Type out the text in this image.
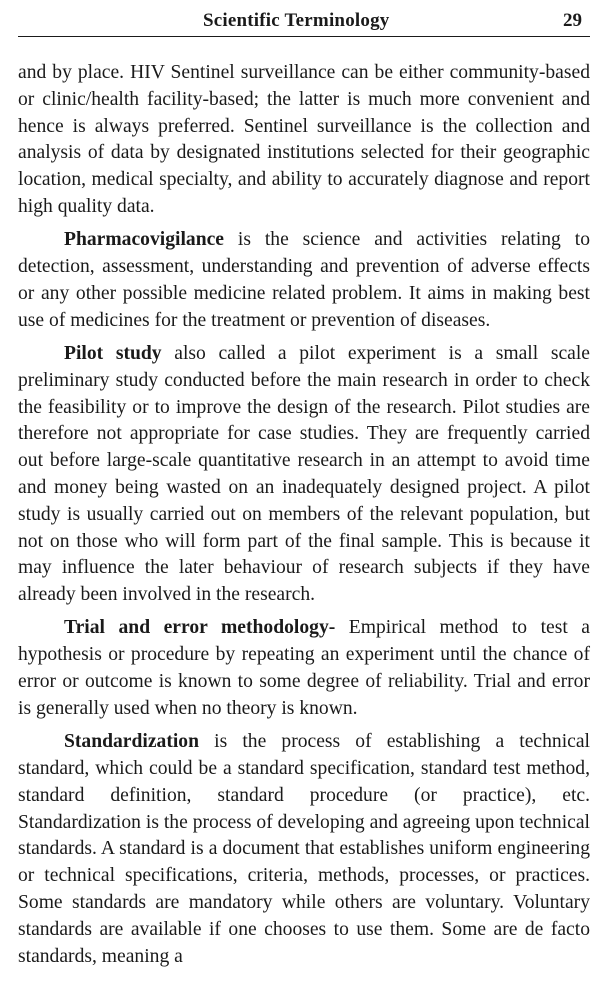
Scientific Terminology	29

and by place. HIV Sentinel surveillance can be either community-based or clinic/health facility-based; the latter is much more convenient and hence is always preferred. Sentinel surveillance is the collection and analysis of data by designated institutions selected for their geographic location, medical specialty, and ability to accurately diagnose and report high quality data.

Pharmacovigilance is the science and activities relating to detection, assessment, understanding and prevention of adverse effects or any other possible medicine related problem. It aims in making best use of medicines for the treatment or prevention of diseases.

Pilot study also called a pilot experiment is a small scale preliminary study conducted before the main research in order to check the feasibility or to improve the design of the research. Pilot studies are therefore not appropriate for case studies. They are frequently carried out before large-scale quantitative research in an attempt to avoid time and money being wasted on an inadequately designed project. A pilot study is usually carried out on members of the relevant population, but not on those who will form part of the final sample. This is because it may influence the later behaviour of research subjects if they have already been involved in the research.

Trial and error methodology- Empirical method to test a hypothesis or procedure by repeating an experiment until the chance of error or outcome is known to some degree of reliability. Trial and error is generally used when no theory is known.

Standardization is the process of establishing a technical standard, which could be a standard specification, standard test method, standard definition, standard procedure (or practice), etc. Standardization is the process of developing and agreeing upon technical standards. A standard is a document that establishes uniform engineering or technical specifications, criteria, methods, processes, or practices. Some standards are mandatory while others are voluntary. Voluntary standards are available if one chooses to use them. Some are de facto standards, meaning a
